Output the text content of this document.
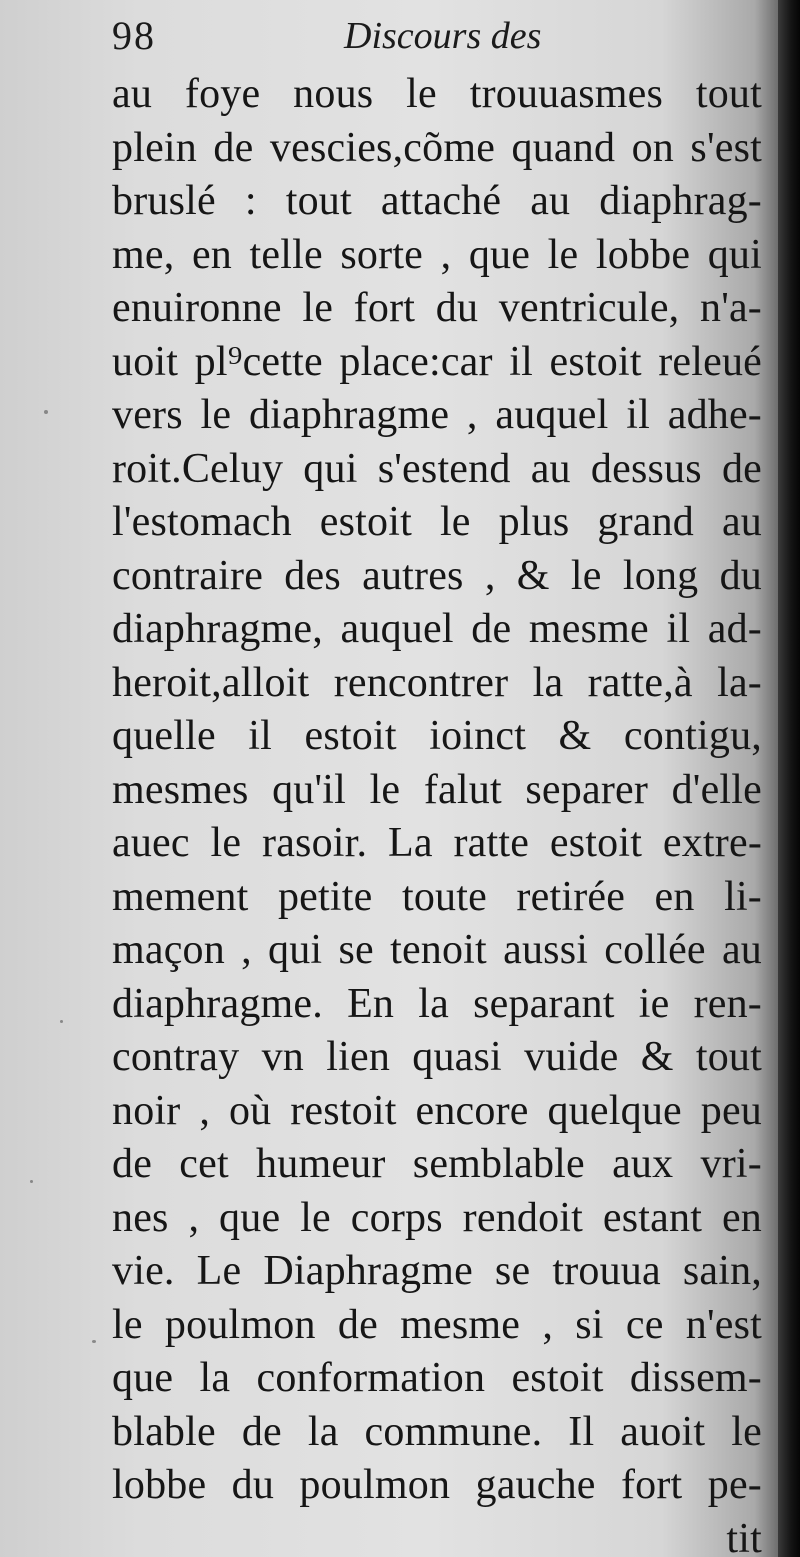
98	Discours des
au foye nous le trouuasmes tout
plein de vescies,cõme quand on s'est
bruslé : tout attaché au diaphrag-
me, en telle sorte , que le lobbe qui
enuironne le fort du ventricule, n'a-
uoit pl⁹cette place:car il estoit releué
vers le diaphragme , auquel il adhe-
roit.Celuy qui s'estend au dessus de
l'estomach estoit le plus grand au
contraire des autres , & le long du
diaphragme, auquel de mesme il ad-
heroit,alloit rencontrer la ratte,à la-
quelle il estoit ioinct & contigu,
mesmes qu'il le falut separer d'elle
auec le rasoir. La ratte estoit extre-
mement petite toute retirée en li-
maçon , qui se tenoit aussi collée au
diaphragme. En la separant ie ren-
contray vn lien quasi vuide & tout
noir , où restoit encore quelque peu
de cet humeur semblable aux vri-
nes , que le corps rendoit estant en
vie. Le Diaphragme se trouua sain,
le poulmon de mesme , si ce n'est
que la conformation estoit dissem-
blable de la commune. Il auoit le
lobbe du poulmon gauche fort pe-
tit
